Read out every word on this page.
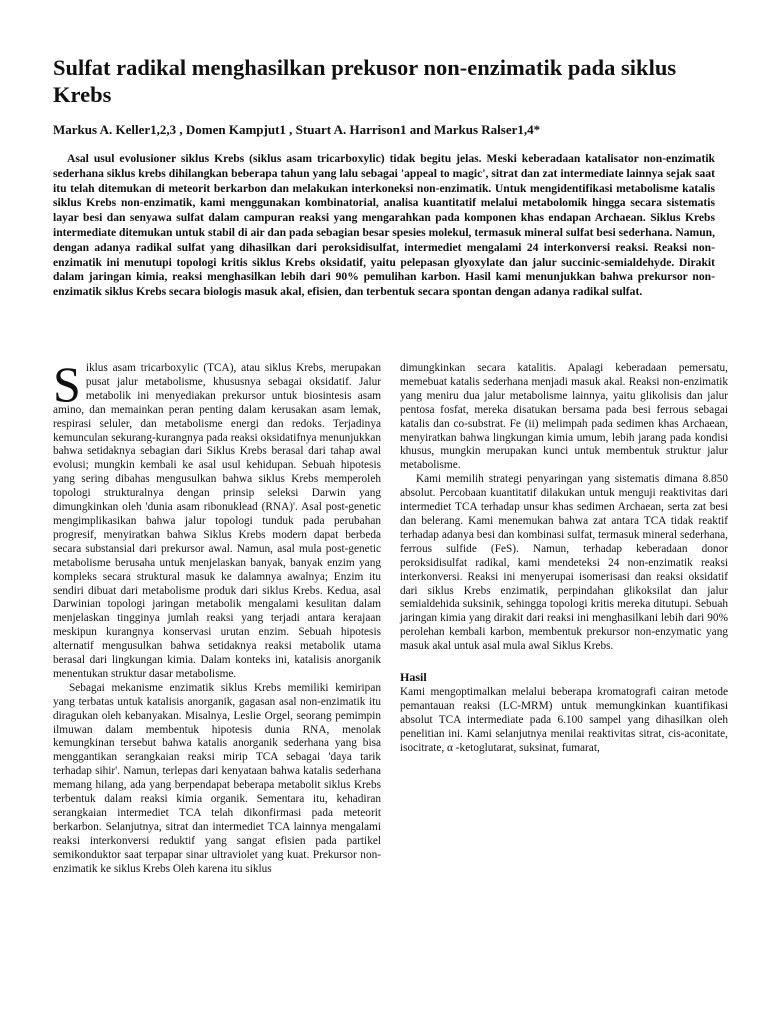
Sulfat radikal menghasilkan prekusor non-enzimatik pada siklus Krebs
Markus A. Keller1,2,3 , Domen Kampjut1 , Stuart A. Harrison1 and Markus Ralser1,4*

Asal usul evolusioner siklus Krebs (siklus asam tricarboxylic) tidak begitu jelas. Meski keberadaan katalisator non-enzimatik sederhana siklus krebs dihilangkan beberapa tahun yang lalu sebagai 'appeal to magic', sitrat dan zat intermediate lainnya sejak saat itu telah ditemukan di meteorit berkarbon dan melakukan interkoneksi non-enzimatik. Untuk mengidentifikasi metabolisme katalis siklus Krebs non-enzimatik, kami menggunakan kombinatorial, analisa kuantitatif melalui metabolomik hingga secara sistematis layar besi dan senyawa sulfat dalam campuran reaksi yang mengarahkan pada komponen khas endapan Archaean. Siklus Krebs intermediate ditemukan untuk stabil di air dan pada sebagian besar spesies molekul, termasuk mineral sulfat besi sederhana. Namun, dengan adanya radikal sulfat yang dihasilkan dari peroksidisulfat, intermediet mengalami 24 interkonversi reaksi. Reaksi non-enzimatik ini menutupi topologi kritis siklus Krebs oksidatif, yaitu pelepasan glyoxylate dan jalur succinic-semialdehyde. Dirakit dalam jaringan kimia, reaksi menghasilkan lebih dari 90% pemulihan karbon. Hasil kami menunjukkan bahwa prekursor non-enzimatik siklus Krebs secara biologis masuk akal, efisien, dan terbentuk secara spontan dengan adanya radikal sulfat.

Siklus asam tricarboxylic (TCA), atau siklus Krebs, merupakan pusat jalur metabolisme, khususnya sebagai oksidatif. Jalur metabolik ini menyediakan prekursor untuk biosintesis asam amino, dan memainkan peran penting dalam kerusakan asam lemak, respirasi seluler, dan metabolisme energi dan redoks. Terjadinya kemunculan sekurang-kurangnya pada reaksi oksidatifnya menunjukkan bahwa setidaknya sebagian dari Siklus Krebs berasal dari tahap awal evolusi; mungkin kembali ke asal usul kehidupan. Sebuah hipotesis yang sering dibahas mengusulkan bahwa siklus Krebs memperoleh topologi strukturalnya dengan prinsip seleksi Darwin yang dimungkinkan oleh 'dunia asam ribonuklead (RNA)'. Asal post-genetic mengimplikasikan bahwa jalur topologi tunduk pada perubahan progresif, menyiratkan bahwa Siklus Krebs modern dapat berbeda secara substansial dari prekursor awal. Namun, asal mula post-genetic metabolisme berusaha untuk menjelaskan banyak, banyak enzim yang kompleks secara struktural masuk ke dalamnya awalnya; Enzim itu sendiri dibuat dari metabolisme produk dari siklus Krebs. Kedua, asal Darwinian topologi jaringan metabolik mengalami kesulitan dalam menjelaskan tingginya jumlah reaksi yang terjadi antara kerajaan meskipun kurangnya konservasi urutan enzim. Sebuah hipotesis alternatif mengusulkan bahwa setidaknya reaksi metabolik utama berasal dari lingkungan kimia. Dalam konteks ini, katalisis anorganik menentukan struktur dasar metabolisme.

Sebagai mekanisme enzimatik siklus Krebs memiliki kemiripan yang terbatas untuk katalisis anorganik, gagasan asal non-enzimatik itu diragukan oleh kebanyakan. Misalnya, Leslie Orgel, seorang pemimpin ilmuwan dalam membentuk hipotesis dunia RNA, menolak kemungkinan tersebut bahwa katalis anorganik sederhana yang bisa menggantikan serangkaian reaksi mirip TCA sebagai 'daya tarik terhadap sihir'. Namun, terlepas dari kenyataan bahwa katalis sederhana memang hilang, ada yang berpendapat beberapa metabolit siklus Krebs terbentuk dalam reaksi kimia organik. Sementara itu, kehadiran serangkaian intermediet TCA telah dikonfirmasi pada meteorit berkarbon. Selanjutnya, sitrat dan intermediet TCA lainnya mengalami reaksi interkonversi reduktif yang sangat efisien pada partikel semikonduktor saat terpapar sinar ultraviolet yang kuat. Prekursor non-enzimatik ke siklus Krebs Oleh karena itu siklus

dimungkinkan secara katalitis. Apalagi keberadaan pemersatu, memebuat katalis sederhana menjadi masuk akal. Reaksi non-enzimatik yang meniru dua jalur metabolisme lainnya, yaitu glikolisis dan jalur pentosa fosfat, mereka disatukan bersama pada besi ferrous sebagai katalis dan co-substrat. Fe (ii) melimpah pada sedimen khas Archaean, menyiratkan bahwa lingkungan kimia umum, lebih jarang pada kondisi khusus, mungkin merupakan kunci untuk membentuk struktur jalur metabolisme.

Kami memilih strategi penyaringan yang sistematis dimana 8.850 absolut. Percobaan kuantitatif dilakukan untuk menguji reaktivitas dari intermediet TCA terhadap unsur khas sedimen Archaean, serta zat besi dan belerang. Kami menemukan bahwa zat antara TCA tidak reaktif terhadap adanya besi dan kombinasi sulfat, termasuk mineral sederhana, ferrous sulfide (FeS). Namun, terhadap keberadaan donor peroksidisulfat radikal, kami mendeteksi 24 non-enzimatik reaksi interkonversi. Reaksi ini menyerupai isomerisasi dan reaksi oksidatif dari siklus Krebs enzimatik, perpindahan glikoksilat dan jalur semialdehida suksinik, sehingga topologi kritis mereka ditutupi. Sebuah jaringan kimia yang dirakit dari reaksi ini menghasilkani lebih dari 90% perolehan kembali karbon, membentuk prekursor non-enzymatic yang masuk akal untuk asal mula awal Siklus Krebs.

Hasil

Kami mengoptimalkan melalui beberapa kromatografi cairan metode pemantauan reaksi (LC-MRM) untuk memungkinkan kuantifikasi absolut TCA intermediate pada 6.100 sampel yang dihasilkan oleh penelitian ini. Kami selanjutnya menilai reaktivitas sitrat, cis-aconitate, isocitrate, α -ketoglutarat, suksinat, fumarat,
